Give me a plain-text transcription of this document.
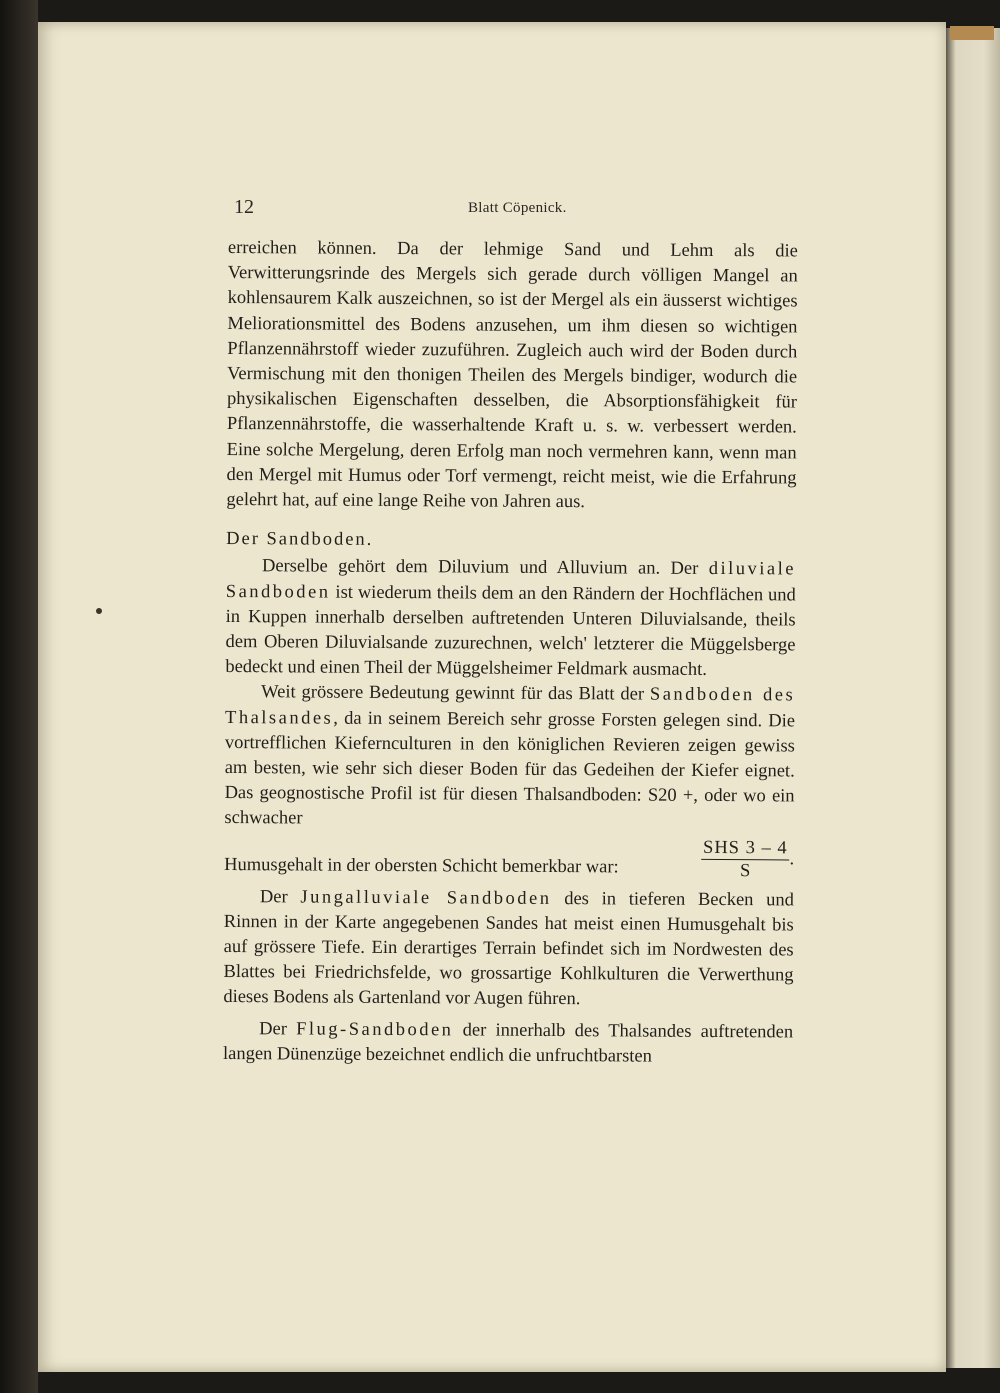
12	Blatt Cöpenick.

erreichen können. Da der lehmige Sand und Lehm als die Verwitterungsrinde des Mergels sich gerade durch völligen Mangel an kohlensaurem Kalk auszeichnen, so ist der Mergel als ein äusserst wichtiges Meliorationsmittel des Bodens anzusehen, um ihm diesen so wichtigen Pflanzennährstoff wieder zuzuführen. Zugleich auch wird der Boden durch Vermischung mit den thonigen Theilen des Mergels bindiger, wodurch die physikalischen Eigenschaften desselben, die Absorptionsfähigkeit für Pflanzennährstoffe, die wasserhaltende Kraft u. s. w. verbessert werden. Eine solche Mergelung, deren Erfolg man noch vermehren kann, wenn man den Mergel mit Humus oder Torf vermengt, reicht meist, wie die Erfahrung gelehrt hat, auf eine lange Reihe von Jahren aus.

Der Sandboden.

Derselbe gehört dem Diluvium und Alluvium an. Der diluviale Sandboden ist wiederum theils dem an den Rändern der Hochflächen und in Kuppen innerhalb derselben auftretenden Unteren Diluvialsande, theils dem Oberen Diluvialsande zuzurechnen, welch' letzterer die Müggelsberge bedeckt und einen Theil der Müggelsheimer Feldmark ausmacht.

Weit grössere Bedeutung gewinnt für das Blatt der Sandboden des Thalsandes, da in seinem Bereich sehr grosse Forsten gelegen sind. Die vortrefflichen Kiefernculturen in den königlichen Revieren zeigen gewiss am besten, wie sehr sich dieser Boden für das Gedeihen der Kiefer eignet. Das geognostische Profil ist für diesen Thalsandboden: S20 +, oder wo ein schwacher

Humusgehalt in der obersten Schicht bemerkbar war:	$\frac{\text{SHS 3 – 4}}{S}$ .

Der Jungalluviale Sandboden des in tieferen Becken und Rinnen in der Karte angegebenen Sandes hat meist einen Humusgehalt bis auf grössere Tiefe. Ein derartiges Terrain befindet sich im Nordwesten des Blattes bei Friedrichsfelde, wo grossartige Kohlkulturen die Verwerthung dieses Bodens als Gartenland vor Augen führen.

Der Flug-Sandboden der innerhalb des Thalsandes auftretenden langen Dünenzüge bezeichnet endlich die unfruchtbarsten
